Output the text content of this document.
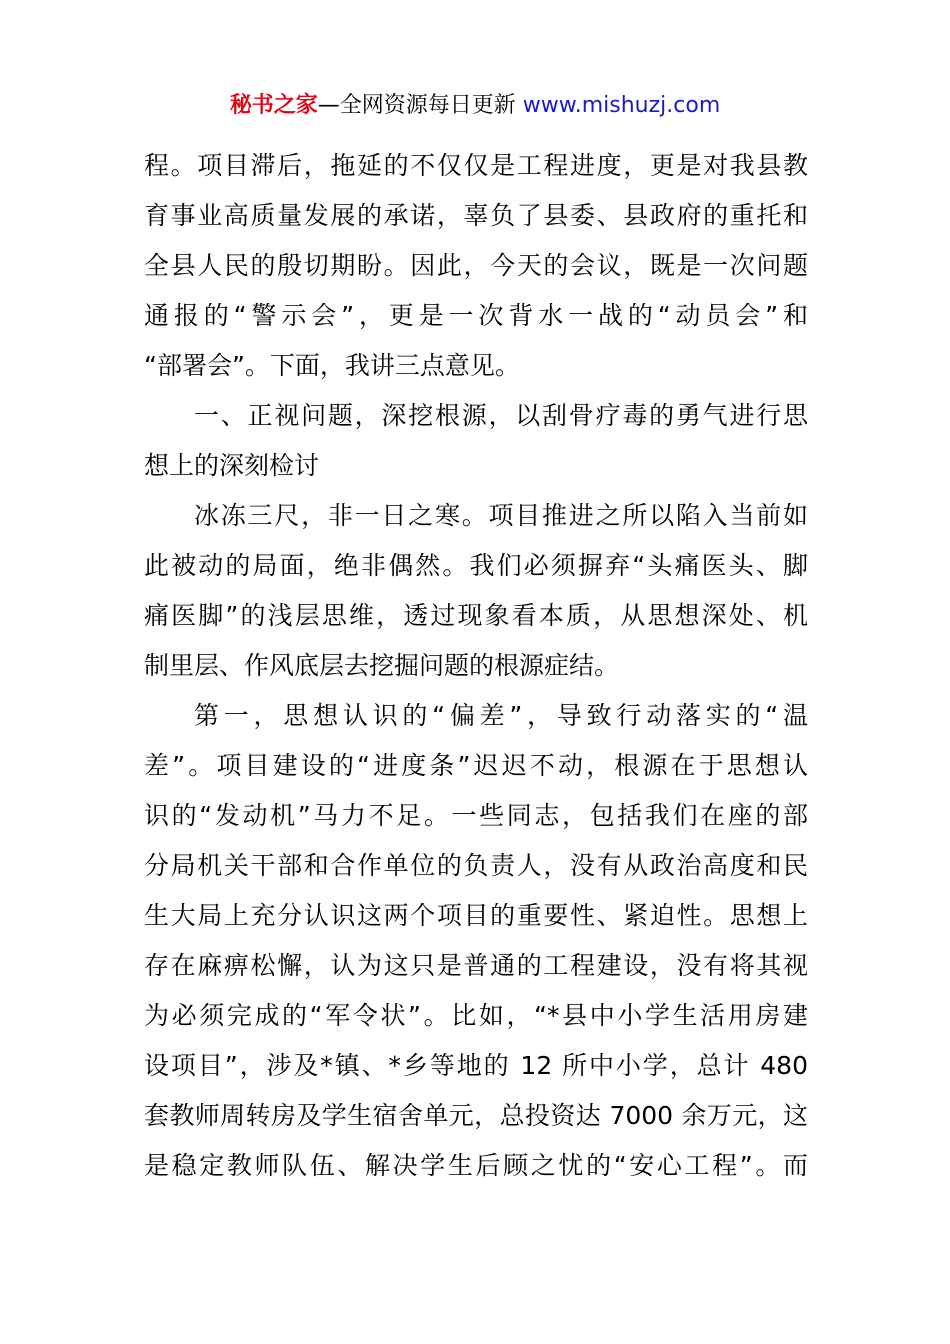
秘书之家—全网资源每日更新 www.mishuzj.com
程。项目滞后，拖延的不仅仅是工程进度，更是对我县教
育事业高质量发展的承诺，辜负了县委、县政府的重托和
全县人民的殷切期盼。因此，今天的会议，既是一次问题
通报的“警示会”，更是一次背水一战的“动员会”和
“部署会”。下面，我讲三点意见。
一、正视问题，深挖根源，以刮骨疗毒的勇气进行思
想上的深刻检讨
冰冻三尺，非一日之寒。项目推进之所以陷入当前如
此被动的局面，绝非偶然。我们必须摒弃“头痛医头、脚
痛医脚”的浅层思维，透过现象看本质，从思想深处、机
制里层、作风底层去挖掘问题的根源症结。
第一，思想认识的“偏差”，导致行动落实的“温
差”。项目建设的“进度条”迟迟不动，根源在于思想认
识的“发动机”马力不足。一些同志，包括我们在座的部
分局机关干部和合作单位的负责人，没有从政治高度和民
生大局上充分认识这两个项目的重要性、紧迫性。思想上
存在麻痹松懈，认为这只是普通的工程建设，没有将其视
为必须完成的“军令状”。比如，“*县中小学生活用房建
设项目”，涉及*镇、*乡等地的 12 所中小学，总计 480
套教师周转房及学生宿舍单元，总投资达 7000 余万元，这
是稳定教师队伍、解决学生后顾之忧的“安心工程”。而
